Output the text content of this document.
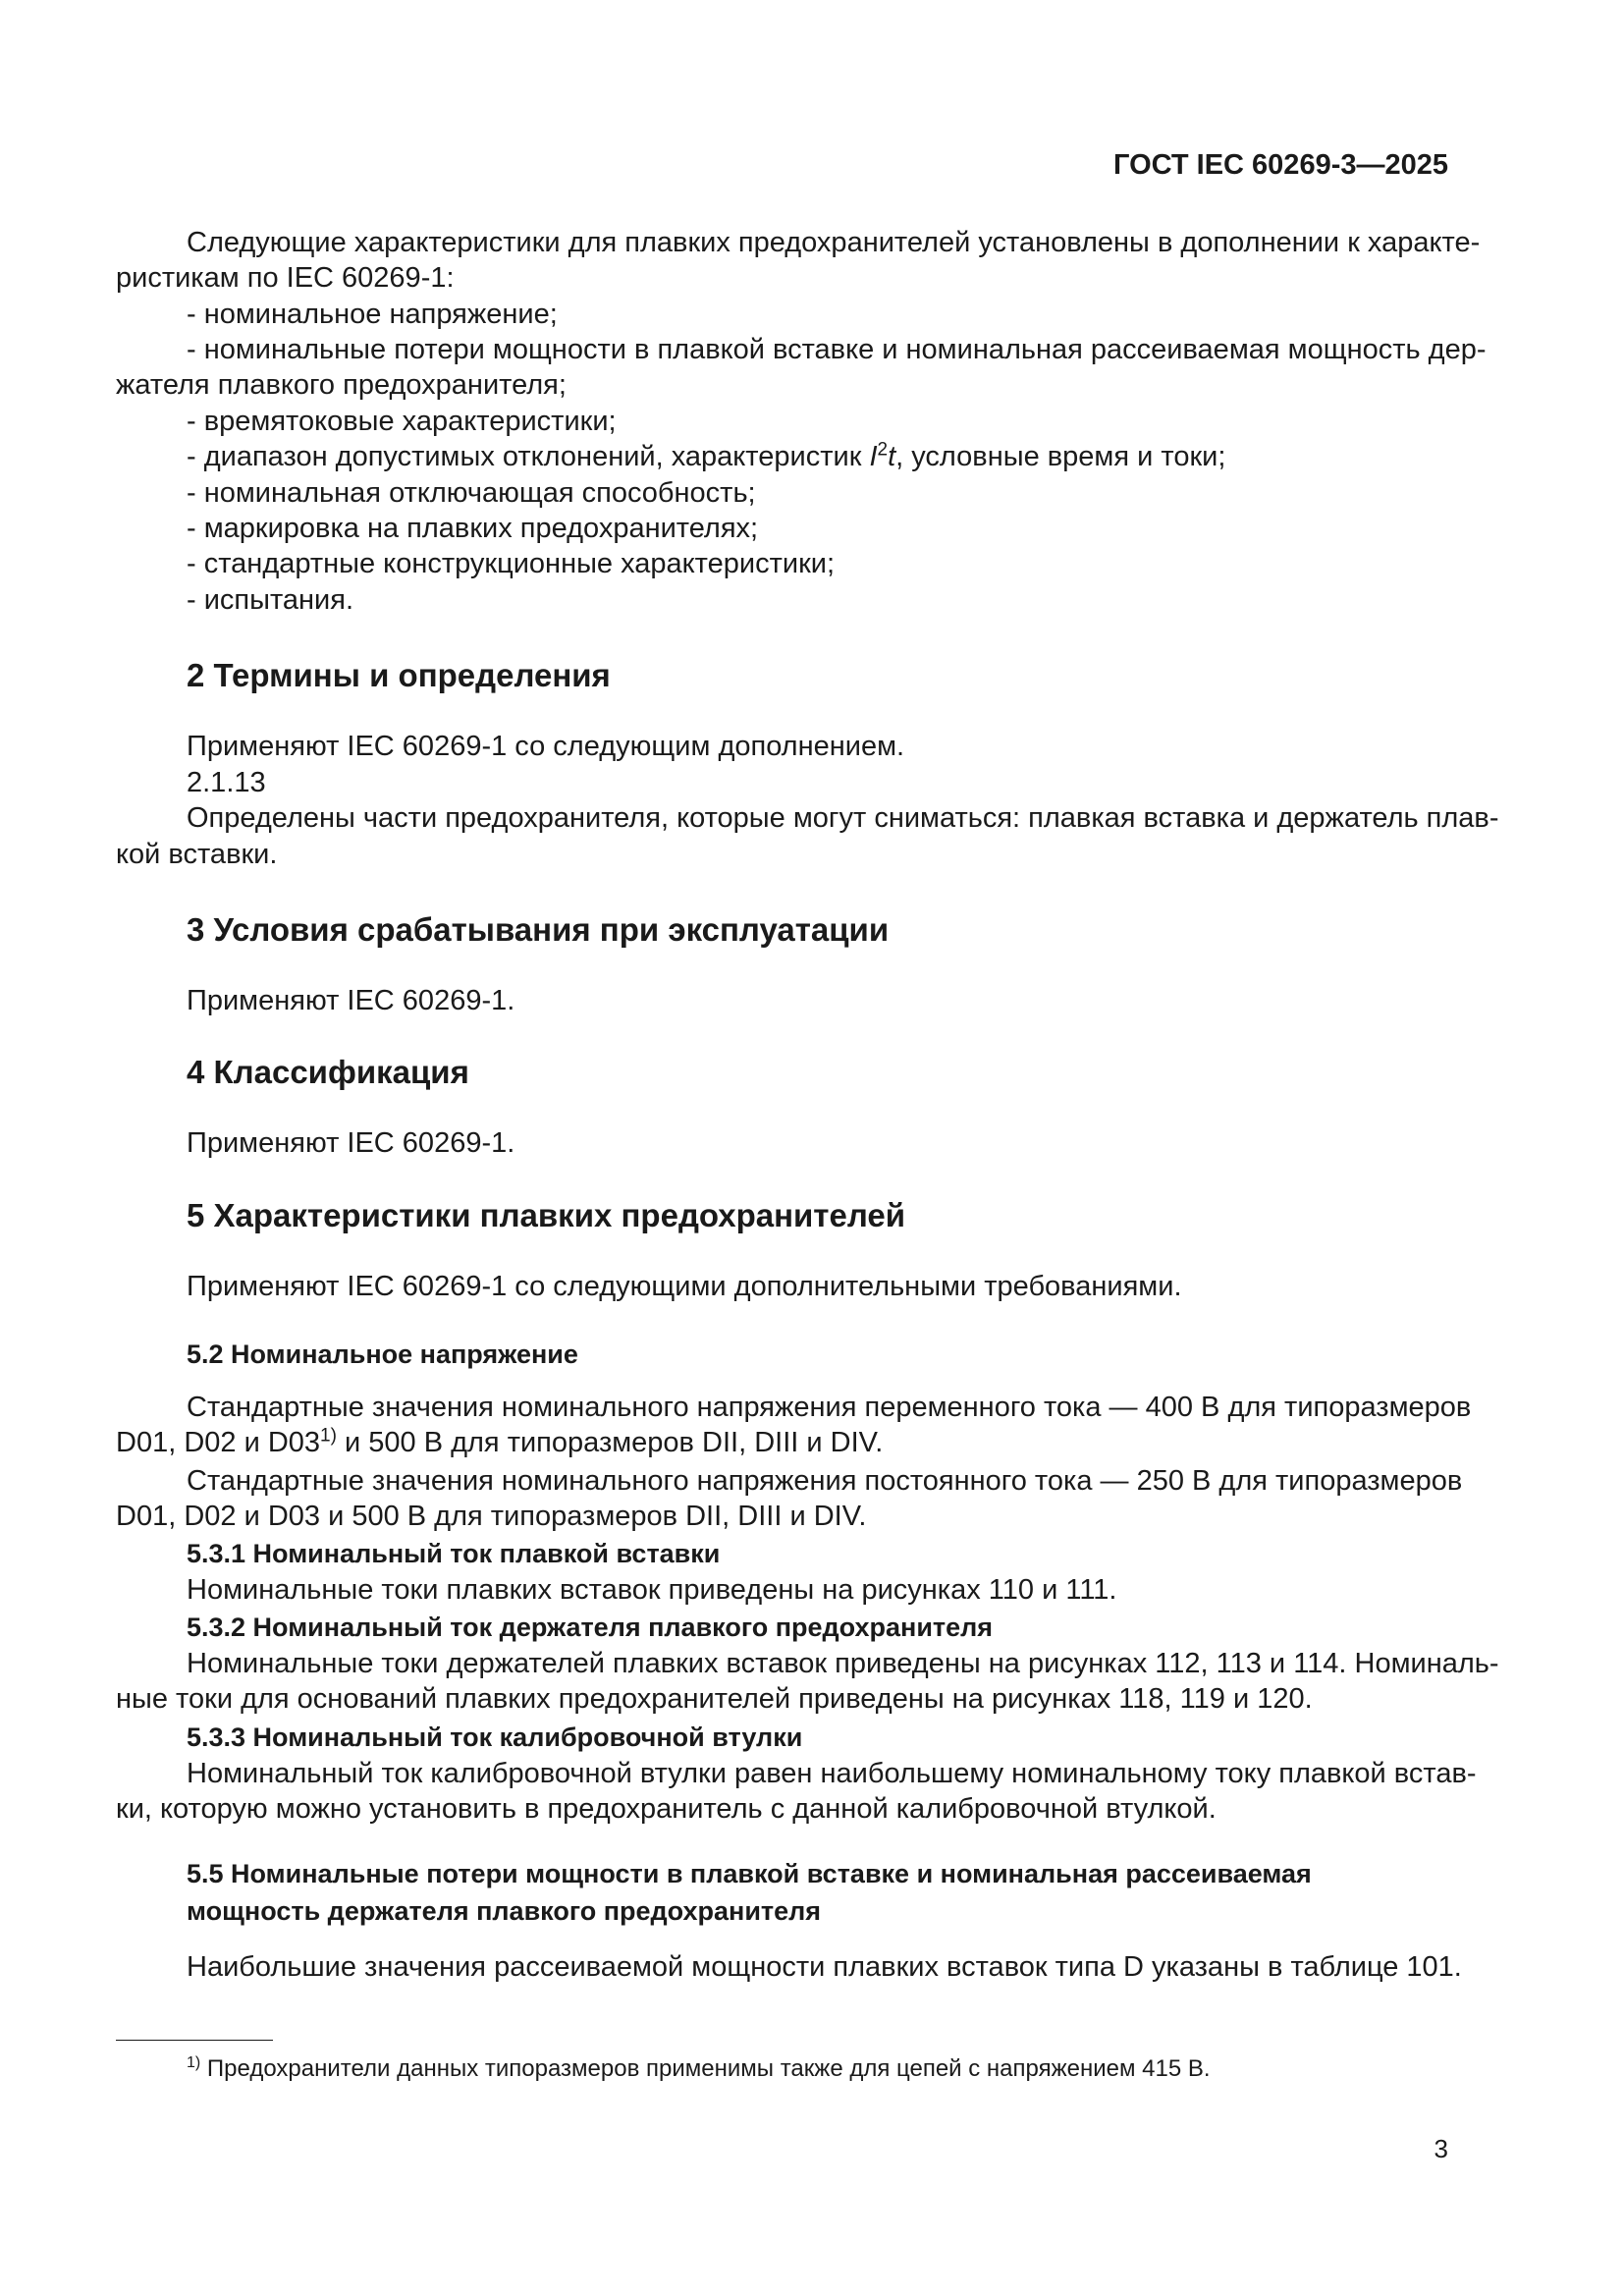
ГОСТ IEC 60269-3—2025

Следующие характеристики для плавких предохранителей установлены в дополнении к характе-

ристикам по IEC 60269-1:

- номинальное напряжение;

- номинальные потери мощности в плавкой вставке и номинальная рассеиваемая мощность дер-

жателя плавкого предохранителя;

- времятоковые характеристики;

- диапазон допустимых отклонений, характеристик $I^2t$, условные время и токи;

- номинальная отключающая способность;

- маркировка на плавких предохранителях;

- стандартные конструкционные характеристики;

- испытания.

2 Термины и определения

Применяют IEC 60269-1 со следующим дополнением.

2.1.13

Определены части предохранителя, которые могут сниматься: плавкая вставка и держатель плав-

кой вставки.

3 Условия срабатывания при эксплуатации

Применяют IEC 60269-1.

4 Классификация

Применяют IEC 60269-1.

5 Характеристики плавких предохранителей

Применяют IEC 60269-1 со следующими дополнительными требованиями.

5.2 Номинальное напряжение

Стандартные значения номинального напряжения переменного тока — 400 В для типоразмеров

D01, D02 и D03$^{1)}$ и 500 В для типоразмеров DII, DIII и DIV.

Стандартные значения номинального напряжения постоянного тока — 250 В для типоразмеров

D01, D02 и D03 и 500 В для типоразмеров DII, DIII и DIV.

5.3.1 Номинальный ток плавкой вставки

Номинальные токи плавких вставок приведены на рисунках 110 и 111.

5.3.2 Номинальный ток держателя плавкого предохранителя

Номинальные токи держателей плавких вставок приведены на рисунках 112, 113 и 114. Номиналь-

ные токи для оснований плавких предохранителей приведены на рисунках 118, 119 и 120.

5.3.3 Номинальный ток калибровочной втулки

Номинальный ток калибровочной втулки равен наибольшему номинальному току плавкой встав-

ки, которую можно установить в предохранитель с данной калибровочной втулкой.

5.5 Номинальные потери мощности в плавкой вставке и номинальная рассеиваемая
мощность держателя плавкого предохранителя

Наибольшие значения рассеиваемой мощности плавких вставок типа D указаны в таблице 101.

$^{1)}$ Предохранители данных типоразмеров применимы также для цепей с напряжением 415 В.
3
